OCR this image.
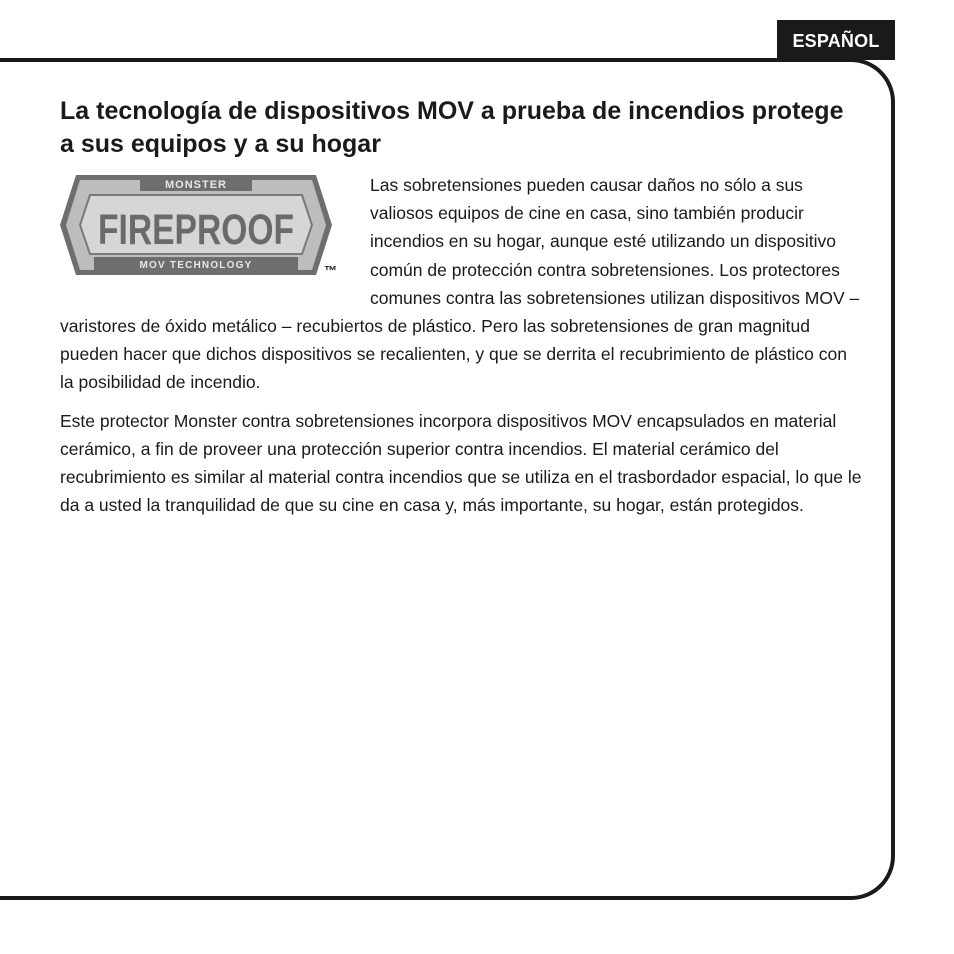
ESPAÑOL
La tecnología de dispositivos MOV a prueba de incendios protege a sus equipos y a su hogar
MONSTER
FIREPROOF
MOV TECHNOLOGY	™

Las sobretensiones pueden causar daños no sólo a sus valiosos equipos de cine en casa, sino también producir incendios en su hogar, aunque esté utilizando un dispositivo común de protección contra sobretensiones. Los protectores comunes contra las sobretensiones utilizan dispositivos MOV – varistores de óxido metálico – recubiertos de plástico. Pero las sobretensiones de gran magnitud pueden hacer que dichos dispositivos se recalienten, y que se derrita el recubrimiento de plástico con la posibilidad de incendio.

Este protector Monster contra sobretensiones incorpora dispositivos MOV encapsulados en material cerámico, a fin de proveer una protección superior contra incendios. El material cerámico del recubrimiento es similar al material contra incendios que se utiliza en el trasbordador espacial, lo que le da a usted la tranquilidad de que su cine en casa y, más importante, su hogar, están protegidos.
